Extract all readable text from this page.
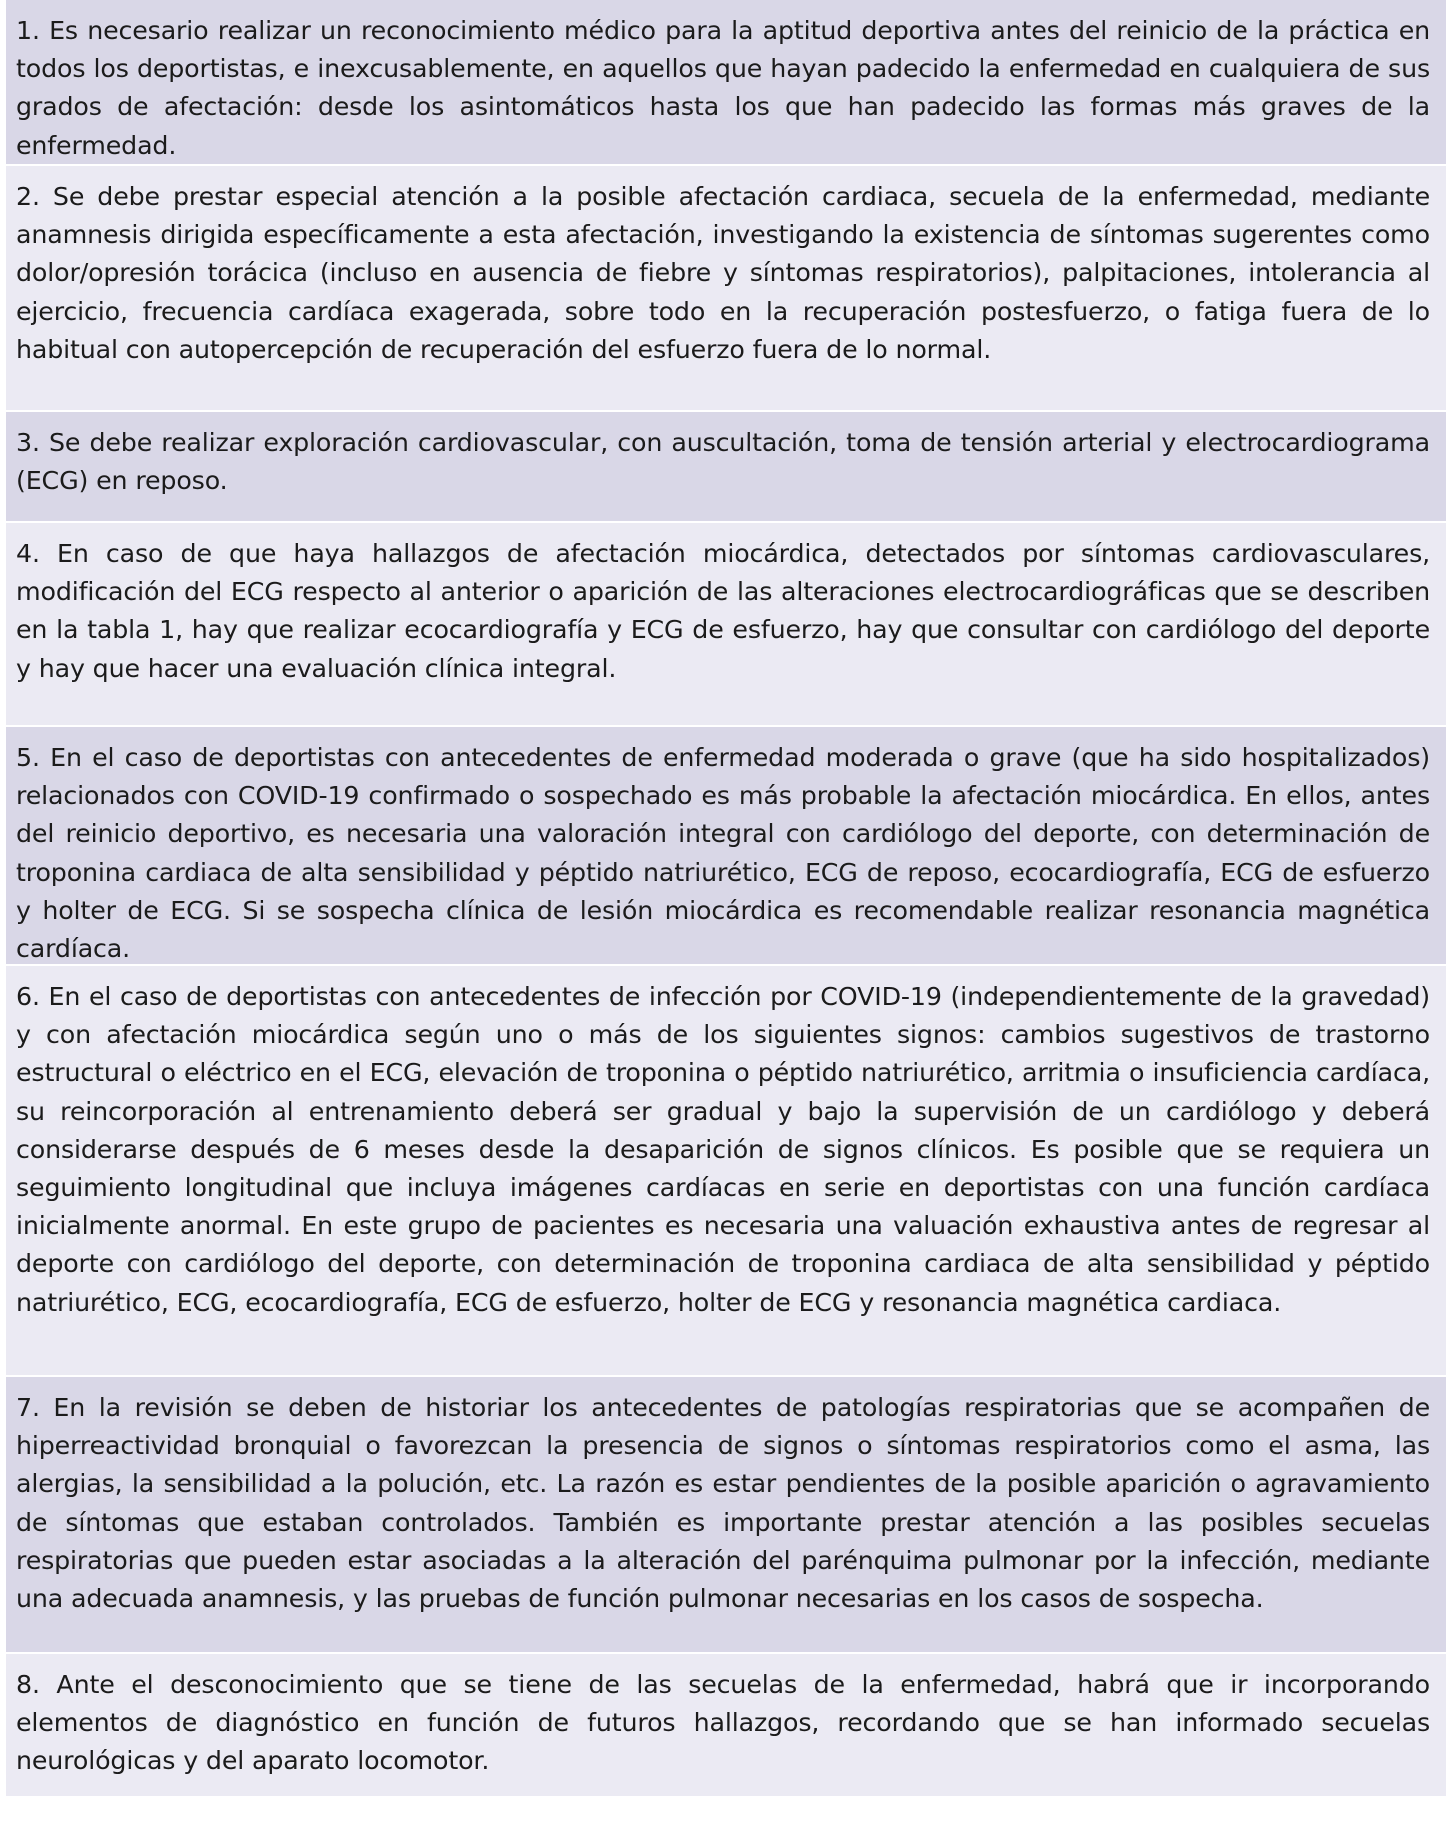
1. Es necesario realizar un reconocimiento médico para la aptitud deportiva antes del reinicio de la práctica en todos los deportistas, e inexcusablemente, en aquellos que hayan padecido la enfermedad en cualquiera de sus grados de afectación: desde los asintomáticos hasta los que han padecido las formas más graves de la enfermedad.

2. Se debe prestar especial atención a la posible afectación cardiaca, secuela de la enfermedad, mediante anamnesis dirigida específicamente a esta afectación, investigando la existencia de síntomas sugerentes como dolor/opresión torácica (incluso en ausencia de fiebre y síntomas respiratorios), palpitaciones, intolerancia al ejercicio, frecuencia cardíaca exagerada, sobre todo en la recuperación postesfuerzo, o fatiga fuera de lo habitual con autopercepción de recuperación del esfuerzo fuera de lo normal.

3. Se debe realizar exploración cardiovascular, con auscultación, toma de tensión arterial y electrocardiograma (ECG) en reposo.

4. En caso de que haya hallazgos de afectación miocárdica, detectados por síntomas cardiovasculares, modificación del ECG respecto al anterior o aparición de las alteraciones electrocardiográficas que se describen en la tabla 1, hay que realizar ecocardiografía y ECG de esfuerzo, hay que consultar con cardiólogo del deporte y hay que hacer una evaluación clínica integral.

5. En el caso de deportistas con antecedentes de enfermedad moderada o grave (que ha sido hospitalizados) relacionados con COVID-19 confirmado o sospechado es más probable la afectación miocárdica. En ellos, antes del reinicio deportivo, es necesaria una valoración integral con cardiólogo del deporte, con determinación de troponina cardiaca de alta sensibilidad y péptido natriurético, ECG de reposo, ecocardiografía, ECG de esfuerzo y holter de ECG. Si se sospecha clínica de lesión miocárdica es recomendable realizar resonancia magnética cardíaca.

6. En el caso de deportistas con antecedentes de infección por COVID-19 (independientemente de la gravedad) y con afectación miocárdica según uno o más de los siguientes signos: cambios sugestivos de trastorno estructural o eléctrico en el ECG, elevación de troponina o péptido natriurético, arritmia o insuficiencia cardíaca, su reincorporación al entrenamiento deberá ser gradual y bajo la supervisión de un cardiólogo y deberá considerarse después de 6 meses desde la desaparición de signos clínicos. Es posible que se requiera un seguimiento longitudinal que incluya imágenes cardíacas en serie en deportistas con una función cardíaca inicialmente anormal. En este grupo de pacientes es necesaria una valuación exhaustiva antes de regresar al deporte con cardiólogo del deporte, con determinación de troponina cardiaca de alta sensibilidad y péptido natriurético, ECG, ecocardiografía, ECG de esfuerzo, holter de ECG y resonancia magnética cardiaca.

7. En la revisión se deben de historiar los antecedentes de patologías respiratorias que se acompañen de hiperreactividad bronquial o favorezcan la presencia de signos o síntomas respiratorios como el asma, las alergias, la sensibilidad a la polución, etc. La razón es estar pendientes de la posible aparición o agravamiento de síntomas que estaban controlados. También es importante prestar atención a las posibles secuelas respiratorias que pueden estar asociadas a la alteración del parénquima pulmonar por la infección, mediante una adecuada anamnesis, y las pruebas de función pulmonar necesarias en los casos de sospecha.

8. Ante el desconocimiento que se tiene de las secuelas de la enfermedad, habrá que ir incorporando elementos de diagnóstico en función de futuros hallazgos, recordando que se han informado secuelas neurológicas y del aparato locomotor.
